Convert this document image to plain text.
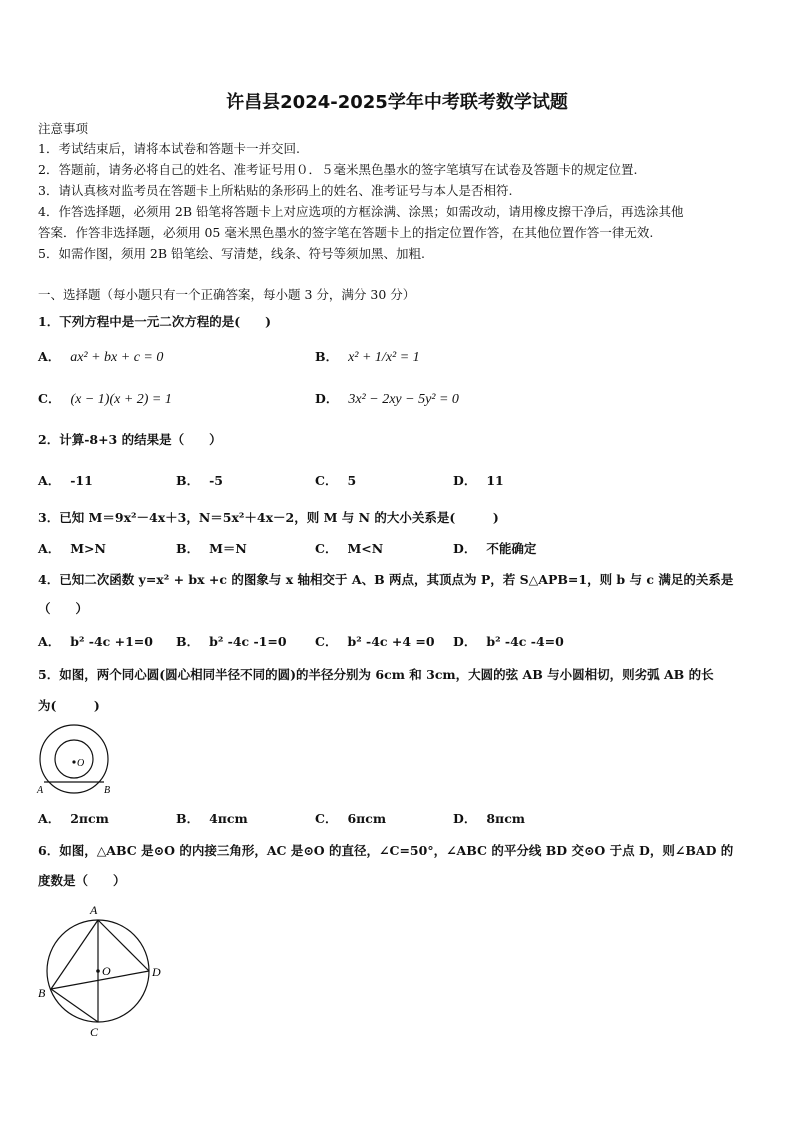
许昌县2024-2025学年中考联考数学试题
注意事项
1．考试结束后，请将本试卷和答题卡一并交回.
2．答题前，请务必将自己的姓名、准考证号用０．５毫米黑色墨水的签字笔填写在试卷及答题卡的规定位置.
3．请认真核对监考员在答题卡上所粘贴的条形码上的姓名、准考证号与本人是否相符.
4．作答选择题，必须用 2B 铅笔将答题卡上对应选项的方框涂满、涂黑；如需改动，请用橡皮擦干净后，再选涂其他
答案．作答非选择题，必须用 05 毫米黑色墨水的签字笔在答题卡上的指定位置作答，在其他位置作答一律无效.
5．如需作图，须用 2B 铅笔绘、写清楚，线条、符号等须加黑、加粗.
一、选择题（每小题只有一个正确答案，每小题 3 分，满分 30 分）
1．下列方程中是一元二次方程的是(　　)
A． ax² + bx + c = 0	B． x² + 1/x² = 1
C． (x − 1)(x + 2) = 1	D． 3x² − 2xy − 5y² = 0
2．计算-8+3 的结果是（　　）
A． -11	B． -5	C． 5	D． 11
3．已知 M＝9x²－4x＋3，N＝5x²＋4x－2，则 M 与 N 的大小关系是(　　　)
A． M>N	B． M＝N	C． M<N	D． 不能确定
4．已知二次函数 y=x² + bx +c 的图象与 x 轴相交于 A、B 两点，其顶点为 P，若 S△APB=1，则 b 与 c 满足的关系是
（　　）
A． b² -4c +1=0 B． b² -4c -1=0 C． b² -4c +4 =0 D． b² -4c -4=0
5．如图，两个同心圆(圆心相同半径不同的圆)的半径分别为 6cm 和 3cm，大圆的弦 AB 与小圆相切，则劣弧 AB 的长
为(　　　)
O
A	B
A． 2πcm	B． 4πcm	C． 6πcm	D． 8πcm
6．如图，△ABC 是⊙O 的内接三角形，AC 是⊙O 的直径，∠C=50°，∠ABC 的平分线 BD 交⊙O 于点 D，则∠BAD 的
度数是（　　）
A
B
C
D
O
